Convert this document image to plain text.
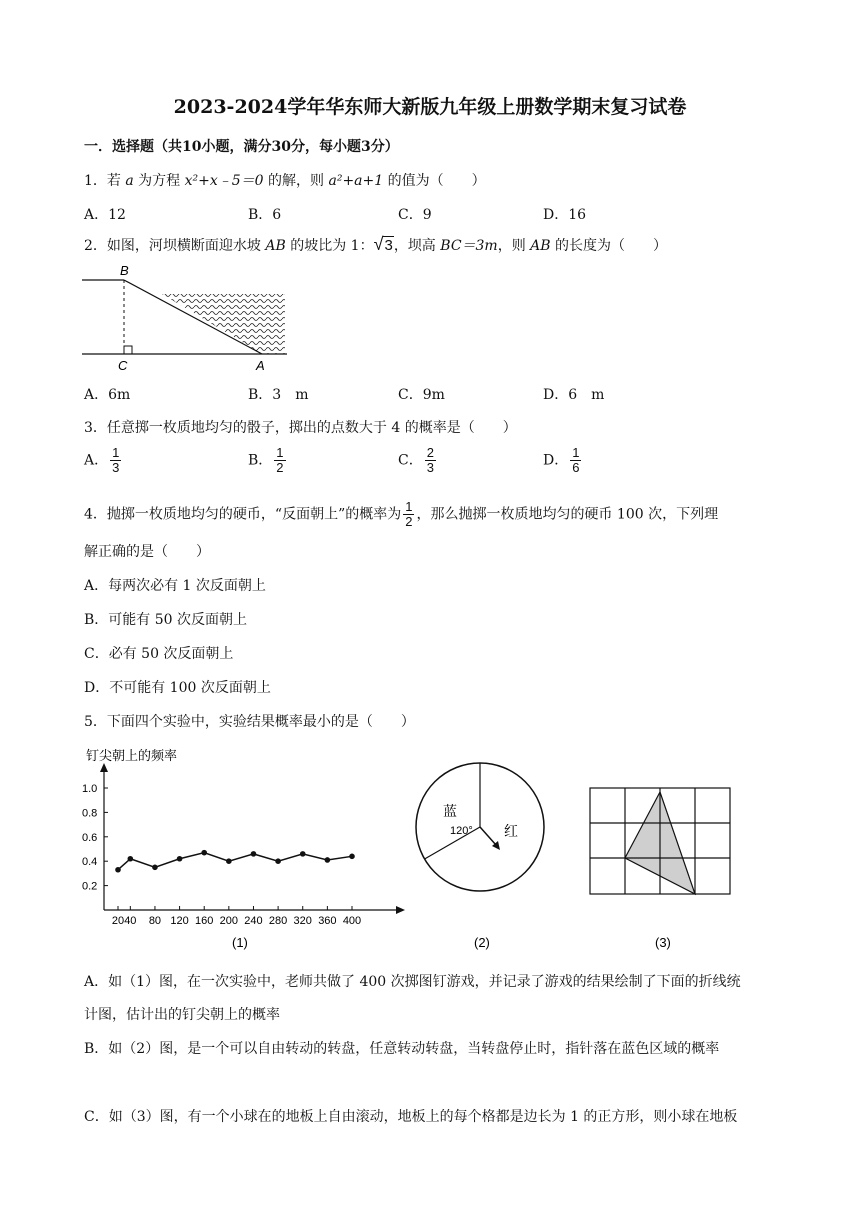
2023-2024学年华东师大新版九年级上册数学期末复习试卷
一．选择题（共10小题，满分30分，每小题3分）
1．若 a 为方程 x²+x﹣5＝0 的解，则 a²+a+1 的值为（　　）
A．12	B．6	C．9	D．16
2．如图，河坝横断面迎水坡 AB 的坡比为 1：√3，坝高 BC＝3m，则 AB 的长度为（　　）
B
C	A
A．6m	B．3　m	C．9m	D．6　m
3．任意掷一枚质地均匀的骰子，掷出的点数大于 4 的概率是（　　）
A． $\frac{1}{3}$	B． $\frac{1}{2}$	C． $\frac{2}{3}$	D． $\frac{1}{6}$
4．抛掷一枚质地均匀的硬币，“反面朝上”的概率为 $\frac{1}{2}$ ，那么抛掷一枚质地均匀的硬币 100 次，下列理
解正确的是（　　）
A．每两次必有 1 次反面朝上
B．可能有 50 次反面朝上
C．必有 50 次反面朝上
D．不可能有 100 次反面朝上
5．下面四个实验中，实验结果概率最小的是（　　）
钉尖朝上的频率
0.2
0.4
0.6
0.8
1.0
20 40 80 120 160 200 240 280 320 360 400
(1)
蓝
120° 红
(2)	(3)
A．如（1）图，在一次实验中，老师共做了 400 次掷图钉游戏，并记录了游戏的结果绘制了下面的折线统
计图，估计出的钉尖朝上的概率
B．如（2）图，是一个可以自由转动的转盘，任意转动转盘，当转盘停止时，指针落在蓝色区域的概率
C．如（3）图，有一个小球在的地板上自由滚动，地板上的每个格都是边长为 1 的正方形，则小球在地板
